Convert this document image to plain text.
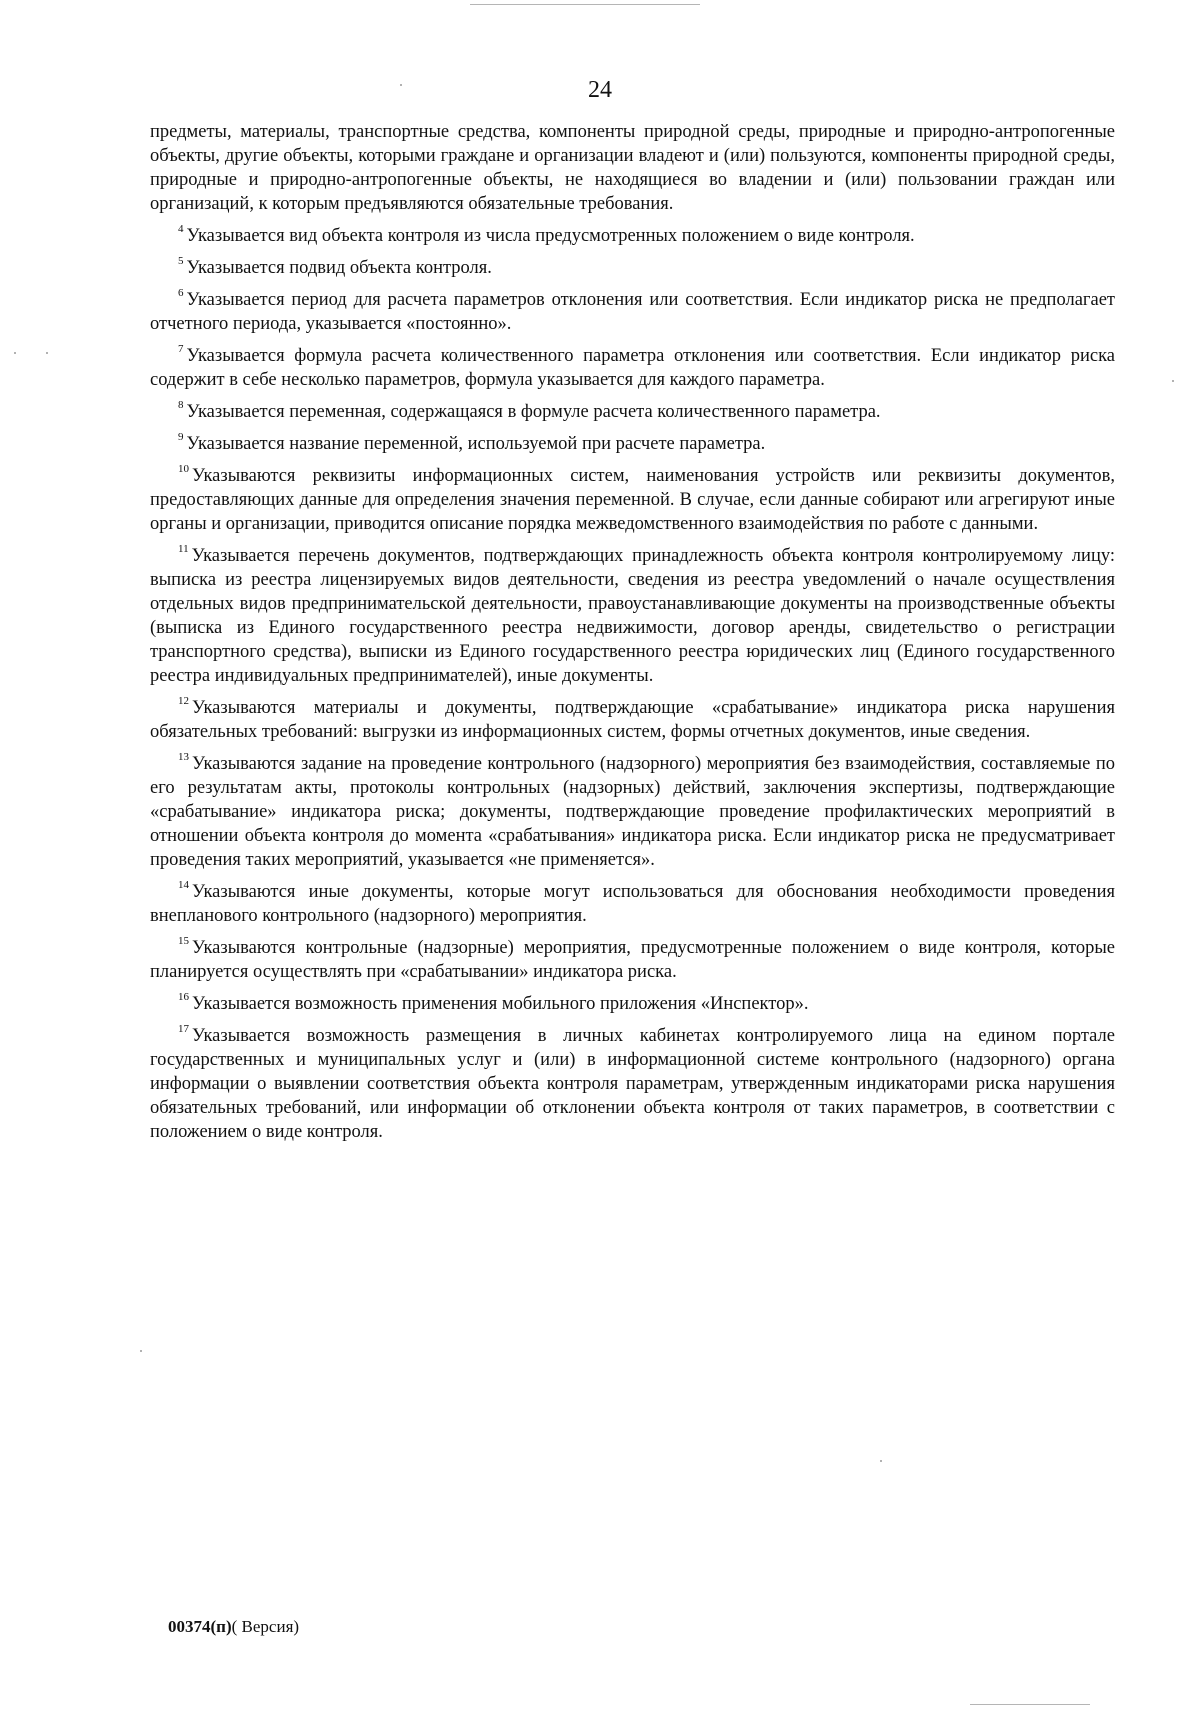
24

предметы, материалы, транспортные средства, компоненты природной среды, природные и природно-антропогенные объекты, другие объекты, которыми граждане и организации владеют и (или) пользуются, компоненты природной среды, природные и природно-антропогенные объекты, не находящиеся во владении и (или) пользовании граждан или организаций, к которым предъявляются обязательные требования.

$^4$ Указывается вид объекта контроля из числа предусмотренных положением о виде контроля.

$^5$ Указывается подвид объекта контроля.

$^6$ Указывается период для расчета параметров отклонения или соответствия. Если индикатор риска не предполагает отчетного периода, указывается «постоянно».

$^7$ Указывается формула расчета количественного параметра отклонения или соответствия. Если индикатор риска содержит в себе несколько параметров, формула указывается для каждого параметра.

$^8$ Указывается переменная, содержащаяся в формуле расчета количественного параметра.

$^9$ Указывается название переменной, используемой при расчете параметра.

$^{10}$ Указываются реквизиты информационных систем, наименования устройств или реквизиты документов, предоставляющих данные для определения значения переменной. В случае, если данные собирают или агрегируют иные органы и организации, приводится описание порядка межведомственного взаимодействия по работе с данными.

$^{11}$ Указывается перечень документов, подтверждающих принадлежность объекта контроля контролируемому лицу: выписка из реестра лицензируемых видов деятельности, сведения из реестра уведомлений о начале осуществления отдельных видов предпринимательской деятельности, правоустанавливающие документы на производственные объекты (выписка из Единого государственного реестра недвижимости, договор аренды, свидетельство о регистрации транспортного средства), выписки из Единого государственного реестра юридических лиц (Единого государственного реестра индивидуальных предпринимателей), иные документы.

$^{12}$ Указываются материалы и документы, подтверждающие «срабатывание» индикатора риска нарушения обязательных требований: выгрузки из информационных систем, формы отчетных документов, иные сведения.

$^{13}$ Указываются задание на проведение контрольного (надзорного) мероприятия без взаимодействия, составляемые по его результатам акты, протоколы контрольных (надзорных) действий, заключения экспертизы, подтверждающие «срабатывание» индикатора риска; документы, подтверждающие проведение профилактических мероприятий в отношении объекта контроля до момента «срабатывания» индикатора риска. Если индикатор риска не предусматривает проведения таких мероприятий, указывается «не применяется».

$^{14}$ Указываются иные документы, которые могут использоваться для обоснования необходимости проведения внепланового контрольного (надзорного) мероприятия.

$^{15}$ Указываются контрольные (надзорные) мероприятия, предусмотренные положением о виде контроля, которые планируется осуществлять при «срабатывании» индикатора риска.

$^{16}$ Указывается возможность применения мобильного приложения «Инспектор».

$^{17}$ Указывается возможность размещения в личных кабинетах контролируемого лица на едином портале государственных и муниципальных услуг и (или) в информационной системе контрольного (надзорного) органа информации о выявлении соответствия объекта контроля параметрам, утвержденным индикаторами риска нарушения обязательных требований, или информации об отклонении объекта контроля от таких параметров, в соответствии с положением о виде контроля.

00374(п)( Версия)
